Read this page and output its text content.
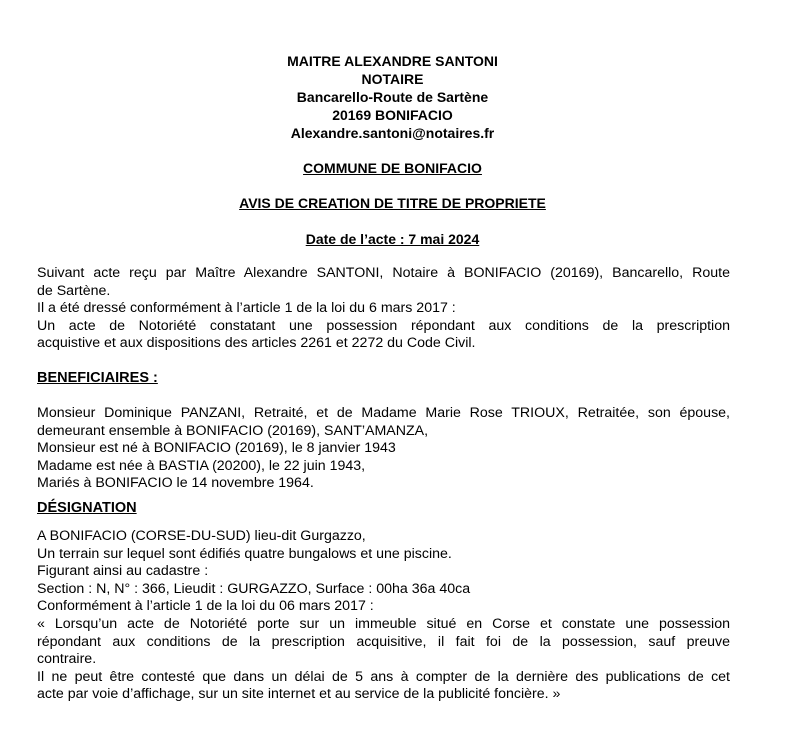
MAITRE ALEXANDRE SANTONI
NOTAIRE
Bancarello-Route de Sartène
20169 BONIFACIO
Alexandre.santoni@notaires.fr
COMMUNE DE BONIFACIO
AVIS DE CREATION DE TITRE DE PROPRIETE
Date de l’acte : 7 mai 2024
Suivant acte reçu par Maître Alexandre SANTONI, Notaire à BONIFACIO (20169), Bancarello, Route
de Sartène.
Il a été dressé conformément à l’article 1 de la loi du 6 mars 2017 :
Un acte de Notoriété constatant une possession répondant aux conditions de la prescription
acquistive et aux dispositions des articles 2261 et 2272 du Code Civil.
BENEFICIAIRES :
Monsieur Dominique PANZANI, Retraité, et de Madame Marie Rose TRIOUX, Retraitée, son épouse,
demeurant ensemble à BONIFACIO (20169), SANT’AMANZA,
Monsieur est né à BONIFACIO (20169), le 8 janvier 1943
Madame est née à BASTIA (20200), le 22 juin 1943,
Mariés à BONIFACIO le 14 novembre 1964.
DÉSIGNATION
A BONIFACIO (CORSE-DU-SUD) lieu-dit Gurgazzo,
Un terrain sur lequel sont édifiés quatre bungalows et une piscine.
Figurant ainsi au cadastre :
Section : N, N° : 366, Lieudit : GURGAZZO, Surface : 00ha 36a 40ca
Conformément à l’article 1 de la loi du 06 mars 2017 :
« Lorsqu’un acte de Notoriété porte sur un immeuble situé en Corse et constate une possession
répondant aux conditions de la prescription acquisitive, il fait foi de la possession, sauf preuve
contraire.
Il ne peut être contesté que dans un délai de 5 ans à compter de la dernière des publications de cet
acte par voie d’affichage, sur un site internet et au service de la publicité foncière. »
